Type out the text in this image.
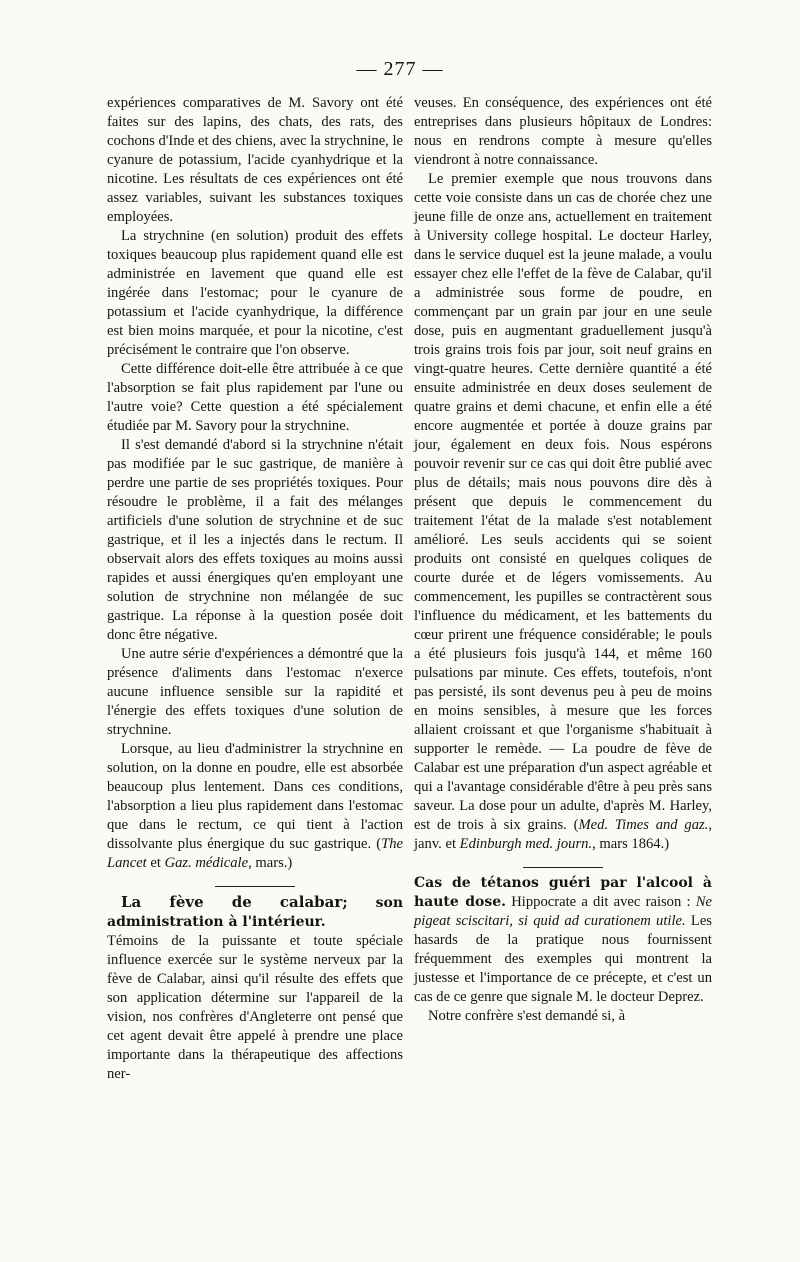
— 277 —

expériences comparatives de M. Savory ont été faites sur des lapins, des chats, des rats, des cochons d'Inde et des chiens, avec la strychnine, le cyanure de potassium, l'acide cyanhydrique et la nicotine. Les résultats de ces expériences ont été assez variables, suivant les substances toxiques employées.

La strychnine (en solution) produit des effets toxiques beaucoup plus rapidement quand elle est administrée en lavement que quand elle est ingérée dans l'estomac; pour le cyanure de potassium et l'acide cyanhydrique, la différence est bien moins marquée, et pour la nicotine, c'est précisément le contraire que l'on observe.

Cette différence doit-elle être attribuée à ce que l'absorption se fait plus rapidement par l'une ou l'autre voie? Cette question a été spécialement étudiée par M. Savory pour la strychnine.

Il s'est demandé d'abord si la strychnine n'était pas modifiée par le suc gastrique, de manière à perdre une partie de ses propriétés toxiques. Pour résoudre le problème, il a fait des mélanges artificiels d'une solution de strychnine et de suc gastrique, et il les a injectés dans le rectum. Il observait alors des effets toxiques au moins aussi rapides et aussi énergiques qu'en employant une solution de strychnine non mélangée de suc gastrique. La réponse à la question posée doit donc être négative.

Une autre série d'expériences a démontré que la présence d'aliments dans l'estomac n'exerce aucune influence sensible sur la rapidité et l'énergie des effets toxiques d'une solution de strychnine.

Lorsque, au lieu d'administrer la strychnine en solution, on la donne en poudre, elle est absorbée beaucoup plus lentement. Dans ces conditions, l'absorption a lieu plus rapidement dans l'estomac que dans le rectum, ce qui tient à l'action dissolvante plus énergique du suc gastrique. (The Lancet et Gaz. médicale, mars.)

La fève de calabar; son administration à l'intérieur.

Témoins de la puissante et toute spéciale influence exercée sur le système nerveux par la fève de Calabar, ainsi qu'il résulte des effets que son application détermine sur l'appareil de la vision, nos confrères d'Angleterre ont pensé que cet agent devait être appelé à prendre une place importante dans la thérapeutique des affections ner-

veuses. En conséquence, des expériences ont été entreprises dans plusieurs hôpitaux de Londres: nous en rendrons compte à mesure qu'elles viendront à notre connaissance.

Le premier exemple que nous trouvons dans cette voie consiste dans un cas de chorée chez une jeune fille de onze ans, actuellement en traitement à University college hospital. Le docteur Harley, dans le service duquel est la jeune malade, a voulu essayer chez elle l'effet de la fève de Calabar, qu'il a administrée sous forme de poudre, en commençant par un grain par jour en une seule dose, puis en augmentant graduellement jusqu'à trois grains trois fois par jour, soit neuf grains en vingt-quatre heures. Cette dernière quantité a été ensuite administrée en deux doses seulement de quatre grains et demi chacune, et enfin elle a été encore augmentée et portée à douze grains par jour, également en deux fois. Nous espérons pouvoir revenir sur ce cas qui doit être publié avec plus de détails; mais nous pouvons dire dès à présent que depuis le commencement du traitement l'état de la malade s'est notablement amélioré. Les seuls accidents qui se soient produits ont consisté en quelques coliques de courte durée et de légers vomissements. Au commencement, les pupilles se contractèrent sous l'influence du médicament, et les battements du cœur prirent une fréquence considérable; le pouls a été plusieurs fois jusqu'à 144, et même 160 pulsations par minute. Ces effets, toutefois, n'ont pas persisté, ils sont devenus peu à peu de moins en moins sensibles, à mesure que les forces allaient croissant et que l'organisme s'habituait à supporter le remède. — La poudre de fève de Calabar est une préparation d'un aspect agréable et qui a l'avantage considérable d'être à peu près sans saveur. La dose pour un adulte, d'après M. Harley, est de trois à six grains. (Med. Times and gaz., janv. et Edinburgh med. journ., mars 1864.)

Cas de tétanos guéri par l'alcool à haute dose. Hippocrate a dit avec raison : Ne pigeat sciscitari, si quid ad curationem utile. Les hasards de la pratique nous fournissent fréquemment des exemples qui montrent la justesse et l'importance de ce précepte, et c'est un cas de ce genre que signale M. le docteur Deprez.

Notre confrère s'est demandé si, à
